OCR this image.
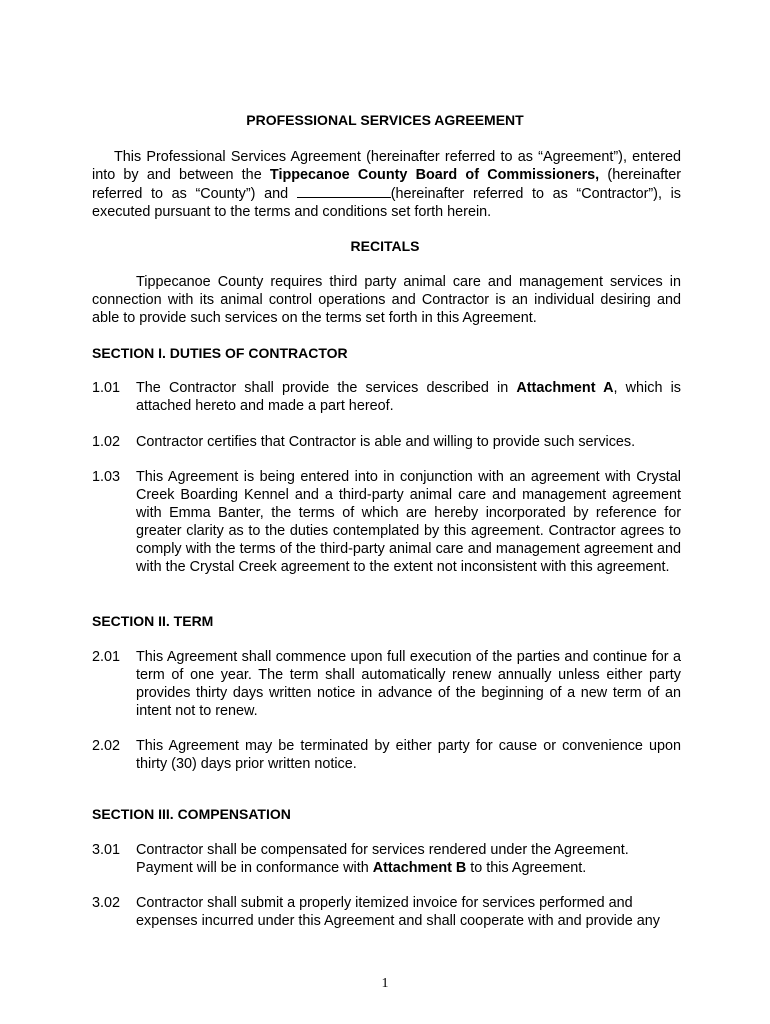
PROFESSIONAL SERVICES AGREEMENT

This Professional Services Agreement (hereinafter referred to as “Agreement”), entered into by and between the Tippecanoe County Board of Commissioners, (hereinafter referred to as “County”) and	(hereinafter referred to as “Contractor”), is executed pursuant to the terms and conditions set forth herein.

RECITALS

Tippecanoe County requires third party animal care and management services in connection with its animal control operations and Contractor is an individual desiring and able to provide such services on the terms set forth in this Agreement.

SECTION I. DUTIES OF CONTRACTOR
1.01 The Contractor shall provide the services described in Attachment A, which is attached hereto and made a part hereof.
1.02 Contractor certifies that Contractor is able and willing to provide such services.
1.03 This Agreement is being entered into in conjunction with an agreement with Crystal Creek Boarding Kennel and a third-party animal care and management agreement with Emma Banter, the terms of which are hereby incorporated by reference for greater clarity as to the duties contemplated by this agreement. Contractor agrees to comply with the terms of the third-party animal care and management agreement and with the Crystal Creek agreement to the extent not inconsistent with this agreement.
SECTION II. TERM
2.01 This Agreement shall commence upon full execution of the parties and continue for a term of one year. The term shall automatically renew annually unless either party provides thirty days written notice in advance of the beginning of a new term of an intent not to renew.
2.02 This Agreement may be terminated by either party for cause or convenience upon thirty (30) days prior written notice.
SECTION III. COMPENSATION
3.01 Contractor shall be compensated for services rendered under the Agreement. Payment will be in conformance with Attachment B to this Agreement.
3.02 Contractor shall submit a properly itemized invoice for services performed and expenses incurred under this Agreement and shall cooperate with and provide any
1
